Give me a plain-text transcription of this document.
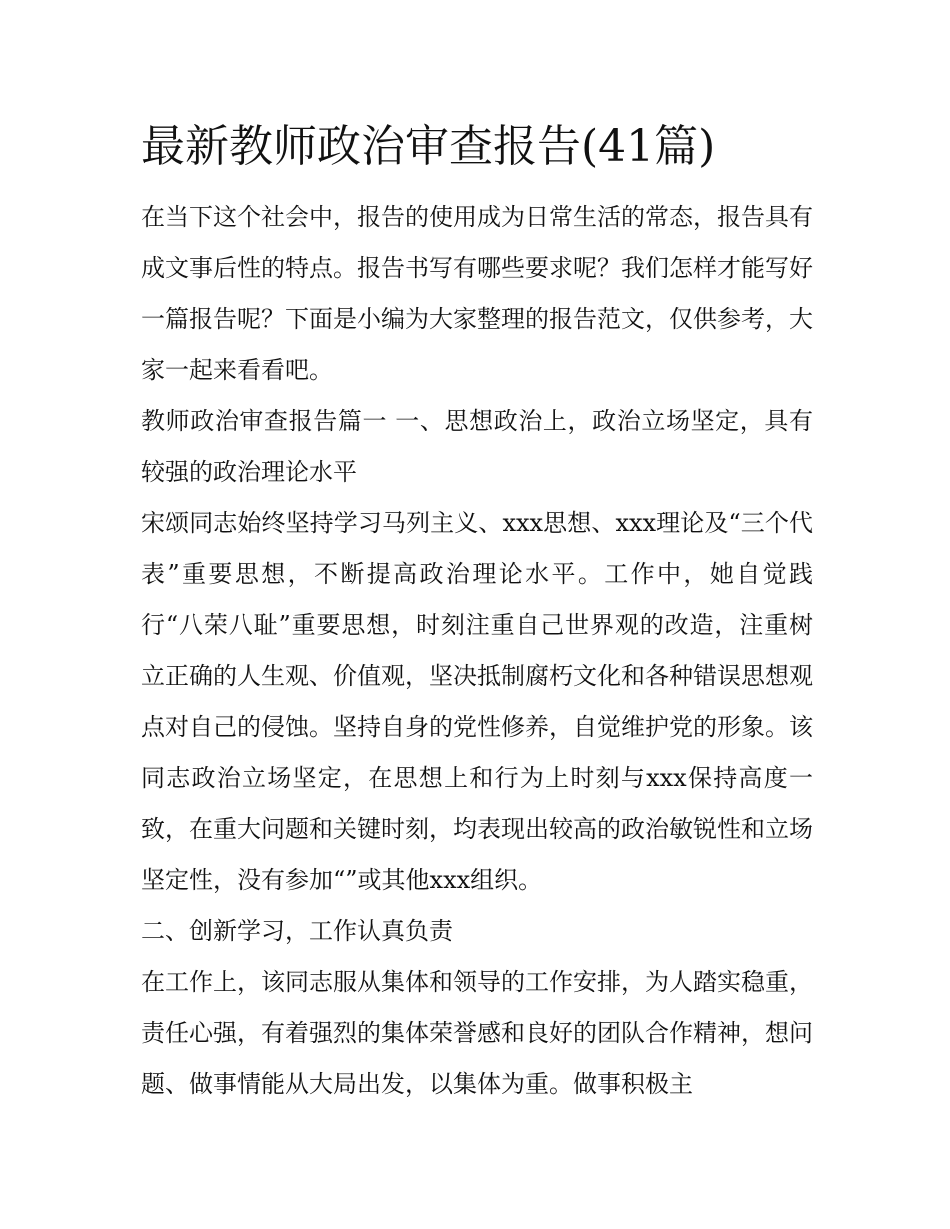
最新教师政治审查报告(41篇)

在当下这个社会中，报告的使用成为日常生活的常态，报告具有成文事后性的特点。报告书写有哪些要求呢？我们怎样才能写好一篇报告呢？下面是小编为大家整理的报告范文，仅供参考，大家一起来看看吧。

教师政治审查报告篇一 一、思想政治上，政治立场坚定，具有较强的政治理论水平

宋颂同志始终坚持学习马列主义、xxx思想、xxx理论及“三个代表”重要思想，不断提高政治理论水平。工作中，她自觉践行“八荣八耻”重要思想，时刻注重自己世界观的改造，注重树立正确的人生观、价值观，坚决抵制腐朽文化和各种错误思想观点对自己的侵蚀。坚持自身的党性修养，自觉维护党的形象。该同志政治立场坚定，在思想上和行为上时刻与xxx保持高度一致，在重大问题和关键时刻，均表现出较高的政治敏锐性和立场坚定性，没有参加“”或其他xxx组织。

二、创新学习，工作认真负责

在工作上，该同志服从集体和领导的工作安排，为人踏实稳重，责任心强，有着强烈的集体荣誉感和良好的团队合作精神，想问题、做事情能从大局出发，以集体为重。做事积极主
